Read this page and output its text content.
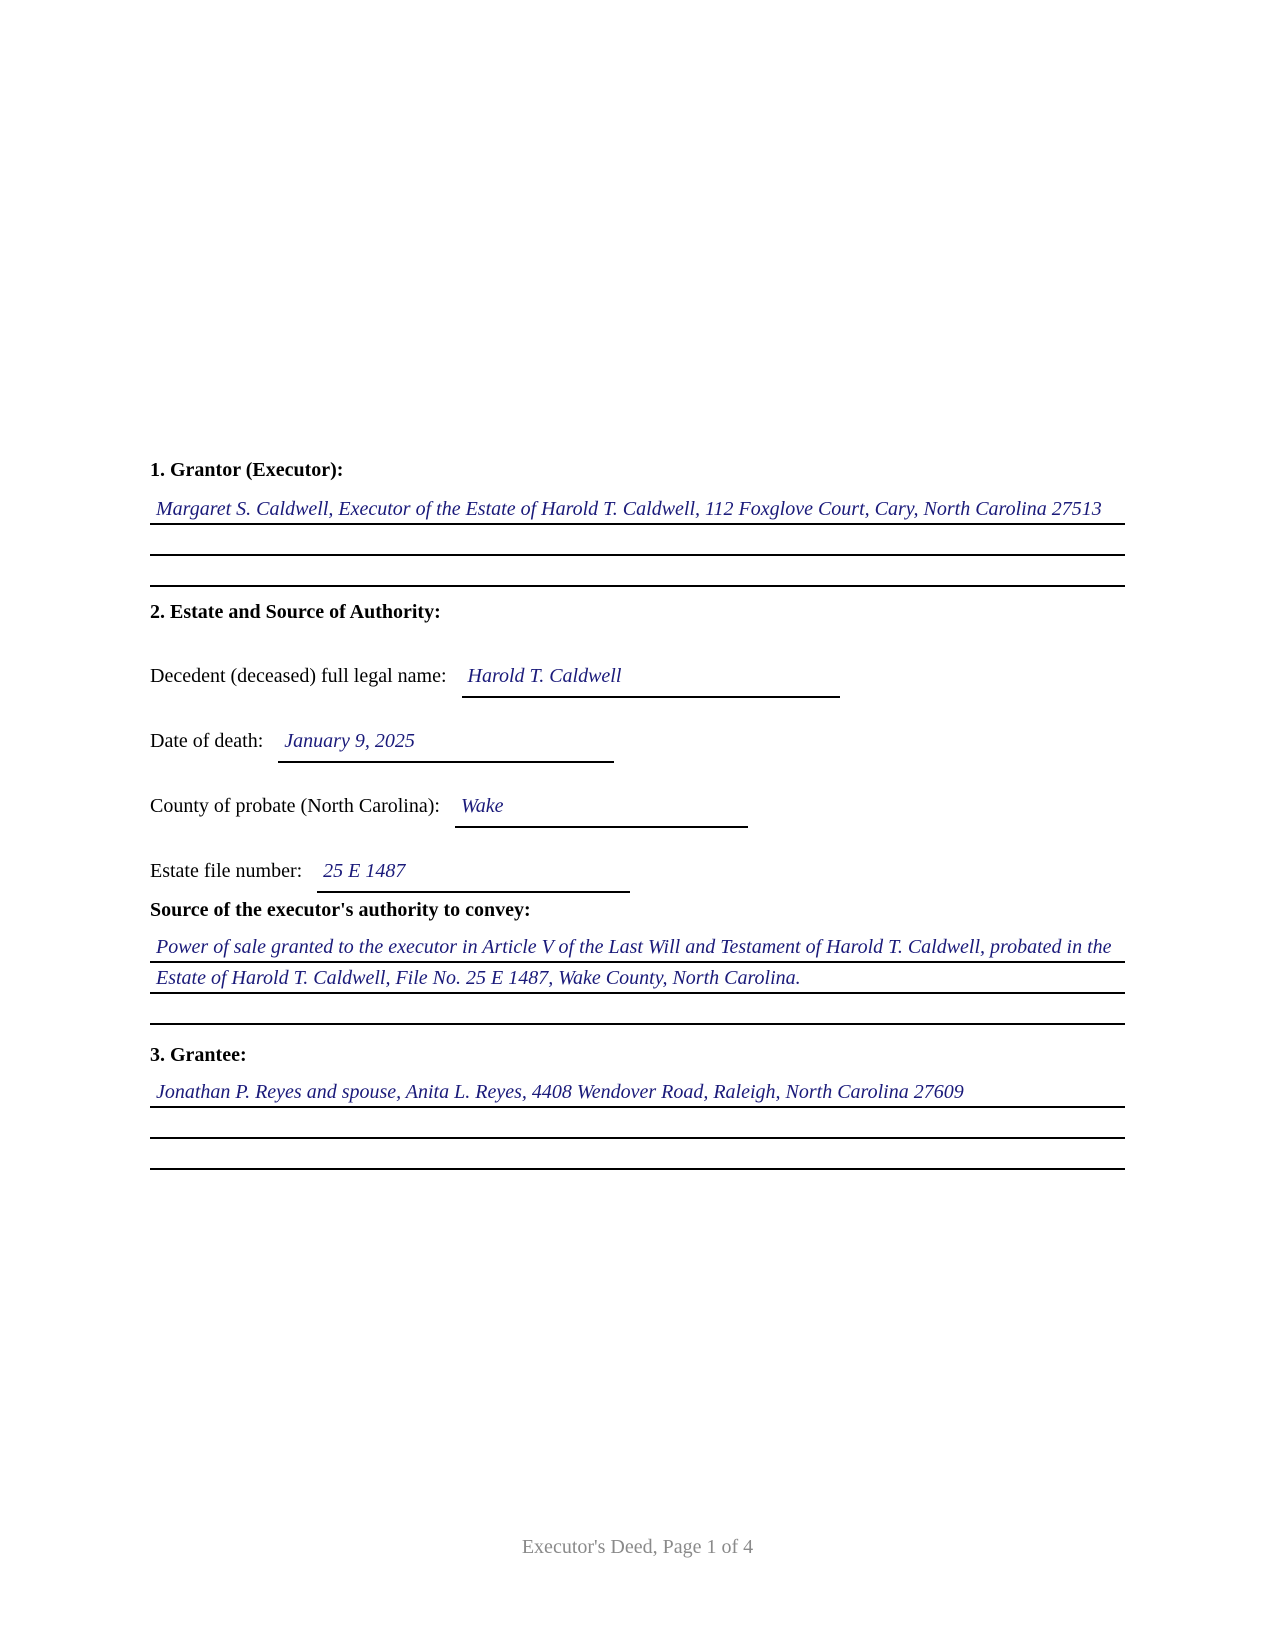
1. Grantor (Executor):
Margaret S. Caldwell, Executor of the Estate of Harold T. Caldwell, 112 Foxglove Court, Cary, North Carolina 27513
2. Estate and Source of Authority:
Decedent (deceased) full legal name: Harold T. Caldwell
Date of death: January 9, 2025
County of probate (North Carolina): Wake
Estate file number: 25 E 1487
Source of the executor's authority to convey:
Power of sale granted to the executor in Article V of the Last Will and Testament of Harold T. Caldwell, probated in the Estate of Harold T. Caldwell, File No. 25 E 1487, Wake County, North Carolina.
3. Grantee:
Jonathan P. Reyes and spouse, Anita L. Reyes, 4408 Wendover Road, Raleigh, North Carolina 27609
Executor's Deed, Page 1 of 4
